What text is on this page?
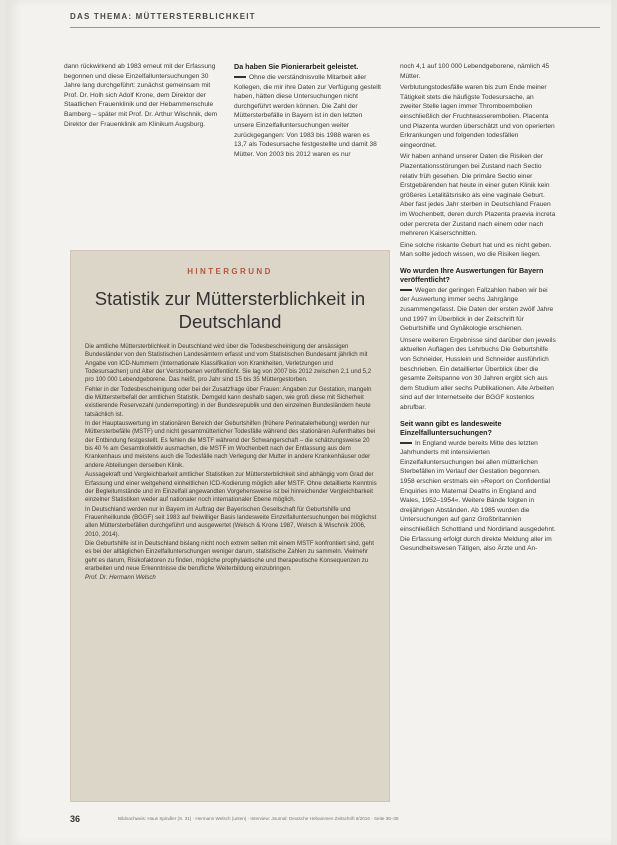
DAS THEMA: MÜTTERSTERBLICHKEIT

dann rückwirkend ab 1983 erneut mit der Erfassung begonnen und diese Einzelfalluntersuchungen 30 Jahre lang durchgeführt: zunächst gemeinsam mit Prof. Dr. Holh sich Adolf Krone, dem Direktor der Staatlichen Frauenklinik und der Hebammenschule Bamberg – später mit Prof. Dr. Arthur Wischnik, dem Direktor der Frauenklinik am Klinikum Augsburg.

Da haben Sie Pionierarbeit geleistet.

Ohne die verständnisvolle Mitarbeit aller Kollegen, die mir ihre Daten zur Verfügung gestellt haben, hätten diese Untersuchungen nicht durchgeführt werden können. Die Zahl der Müttersterbefälle in Bayern ist in den letzten unsere Einzelfalluntersuchungen weiter zurückgegangen: Von 1983 bis 1988 waren es 13,7 als Todesursache festgestellte und damit 38 Mütter. Von 2003 bis 2012 waren es nur

noch 4,1 auf 100 000 Lebendgeborene, nämlich 45 Mütter.

Verblutungstodesfälle waren bis zum Ende meiner Tätigkeit stets die häufigste Todesursache, an zweiter Stelle lagen immer Thromboembolien einschließlich der Fruchtwasserembolien. Placenta und Plazenta wurden überschätzt und von operierten Erkrankungen und folgenden todesfällen eingeordnet.

Wir haben anhand unserer Daten die Risiken der Plazentationsstörungen bei Zustand nach Sectio relativ früh gesehen. Die primäre Sectio einer Erstgebärenden hat heute in einer guten Klinik kein größeres Letalitätsrisiko als eine vaginale Geburt. Aber fast jedes Jahr sterben in Deutschland Frauen im Wochenbett, deren durch Plazenta praevia increta oder percreta der Zustand nach einem oder nach mehreren Kaiserschnitten.

Eine solche riskante Geburt hat und es nicht geben. Man sollte jedoch wissen, wo die Risiken liegen.

Wo wurden Ihre Auswertungen für Bayern veröffentlicht?

Wegen der geringen Fallzahlen haben wir bei der Auswertung immer sechs Jahrgänge zusammengefasst. Die Daten der ersten zwölf Jahre und 1997 im Überblick in der Zeitschrift für Geburtshilfe und Gynäkologie erschienen.

Unsere weiteren Ergebnisse sind darüber den jeweils aktuellen Auflagen des Lehrbuchs Die Geburtshilfe von Schneider, Husslein und Schneider ausführlich beschrieben. Ein detaillierter Überblick über die gesamte Zeitspanne von 30 Jahren ergibt sich aus dem Studium aller sechs Publikationen. Alle Arbeiten sind auf der Internetseite der BGGF kostenlos abrufbar.

Seit wann gibt es landesweite Einzelfalluntersuchungen?

In England wurde bereits Mitte des letzten Jahrhunderts mit intensivierten Einzelfalluntersuchungen bei allen mütterlichen Sterbefällen im Verlauf der Gestation begonnen. 1958 erschien erstmals ein »Report on Confidential Enquiries into Maternal Deaths in England and Wales, 1952–1954«. Weitere Bände folgten in dreijährigen Abständen. Ab 1985 wurden die Untersuchungen auf ganz Großbritannien einschließlich Schottland und Nordirland ausgedehnt. Die Erfassung erfolgt durch direkte Meldung aller im Gesundheitswesen Tätigen, also Ärzte und An-

HINTERGRUND
Statistik zur Müttersterblichkeit in Deutschland

Die amtliche Müttersterblichkeit in Deutschland wird über die Todesbescheinigung der ansässigen Bundesländer von den Statistischen Landesämtern erfasst und vom Statistischen Bundesamt jährlich mit Angabe von ICD-Nummern (Internationale Klassifikation von Krankheiten, Verletzungen und Todesursachen) und Alter der Verstorbenen veröffentlicht. Sie lag von 2007 bis 2012 zwischen 2,1 und 5,2 pro 100 000 Lebendgeborene. Das heißt, pro Jahr sind 15 bis 35 Müttergestorben.

Fehler in der Todesbescheinigung oder bei der Zusatzfrage über Frauen: Angaben zur Gestation, mangeln die Müttersterbefall der amtlichen Statistik. Demgeld kann deshalb sagen, wie groß diese mit Sicherheit existierende Reservezahl (underreporting) in der Bundesrepublik und den einzelnen Bundesländern heute tatsächlich ist.

In der Hauptauswertung im stationären Bereich der Geburtshilfen (frühere Perinatalerhebung) werden nur Müttersterbefälle (MSTF) und nicht gesamtmütterlicher Todesfälle während des stationären Aufenthaltes bei der Entbindung festgestellt. Es fehlen die MSTF während der Schwangerschaft – die schätzungsweise 20 bis 40 % am Gesamtkollektiv ausmachen, die MSTF im Wochenbett nach der Entlassung aus dem Krankenhaus und meistens auch die Todesfälle nach Verlegung der Mutter in andere Krankenhäuser oder andere Abteilungen derselben Klinik.

Aussagekraft und Vergleichbarkeit amtlicher Statistiken zur Müttersterblichkeit sind abhängig vom Grad der Erfassung und einer weitgehend einheitlichen ICD-Kodierung möglich aller MSTF. Ohne detaillierte Kenntnis der Begleitumstände und im Einzelfall angewandten Vorgehensweise ist bei hinreichender Vergleichbarkeit einzelner Statistiken weder auf nationaler noch internationaler Ebene möglich.

In Deutschland werden nur in Bayern im Auftrag der Bayerischen Gesellschaft für Geburtshilfe und Frauenheilkunde (BGGF) seit 1983 auf freiwilliger Basis landesweite Einzelfalluntersuchungen bei möglichst allen Müttersterbefällen durchgeführt und ausgewertet (Welsch & Krone 1987, Welsch & Wischnik 2006, 2010, 2014).

Die Geburtshilfe ist in Deutschland bislang nicht noch extrem selten mit einem MSTF konfrontiert sind, geht es bei der alltäglichen Einzelfallunterschungen weniger darum, statistische Zahlen zu sammeln. Vielmehr geht es darum, Risikofaktoren zu finden, mögliche prophylaktische und therapeutische Konsequenzen zu erarbeiten und neue Erkenntnisse die berufliche Weiterbildung einzubringen.

Prof. Dr. Hermann Welsch

36	Bildnachweis: Haus Spindler (S. 31) · Hermann Welsch (unten) · Interview: Journal: Deutsche Hebammen Zeitschrift 6/2016 · Seite 36–38
